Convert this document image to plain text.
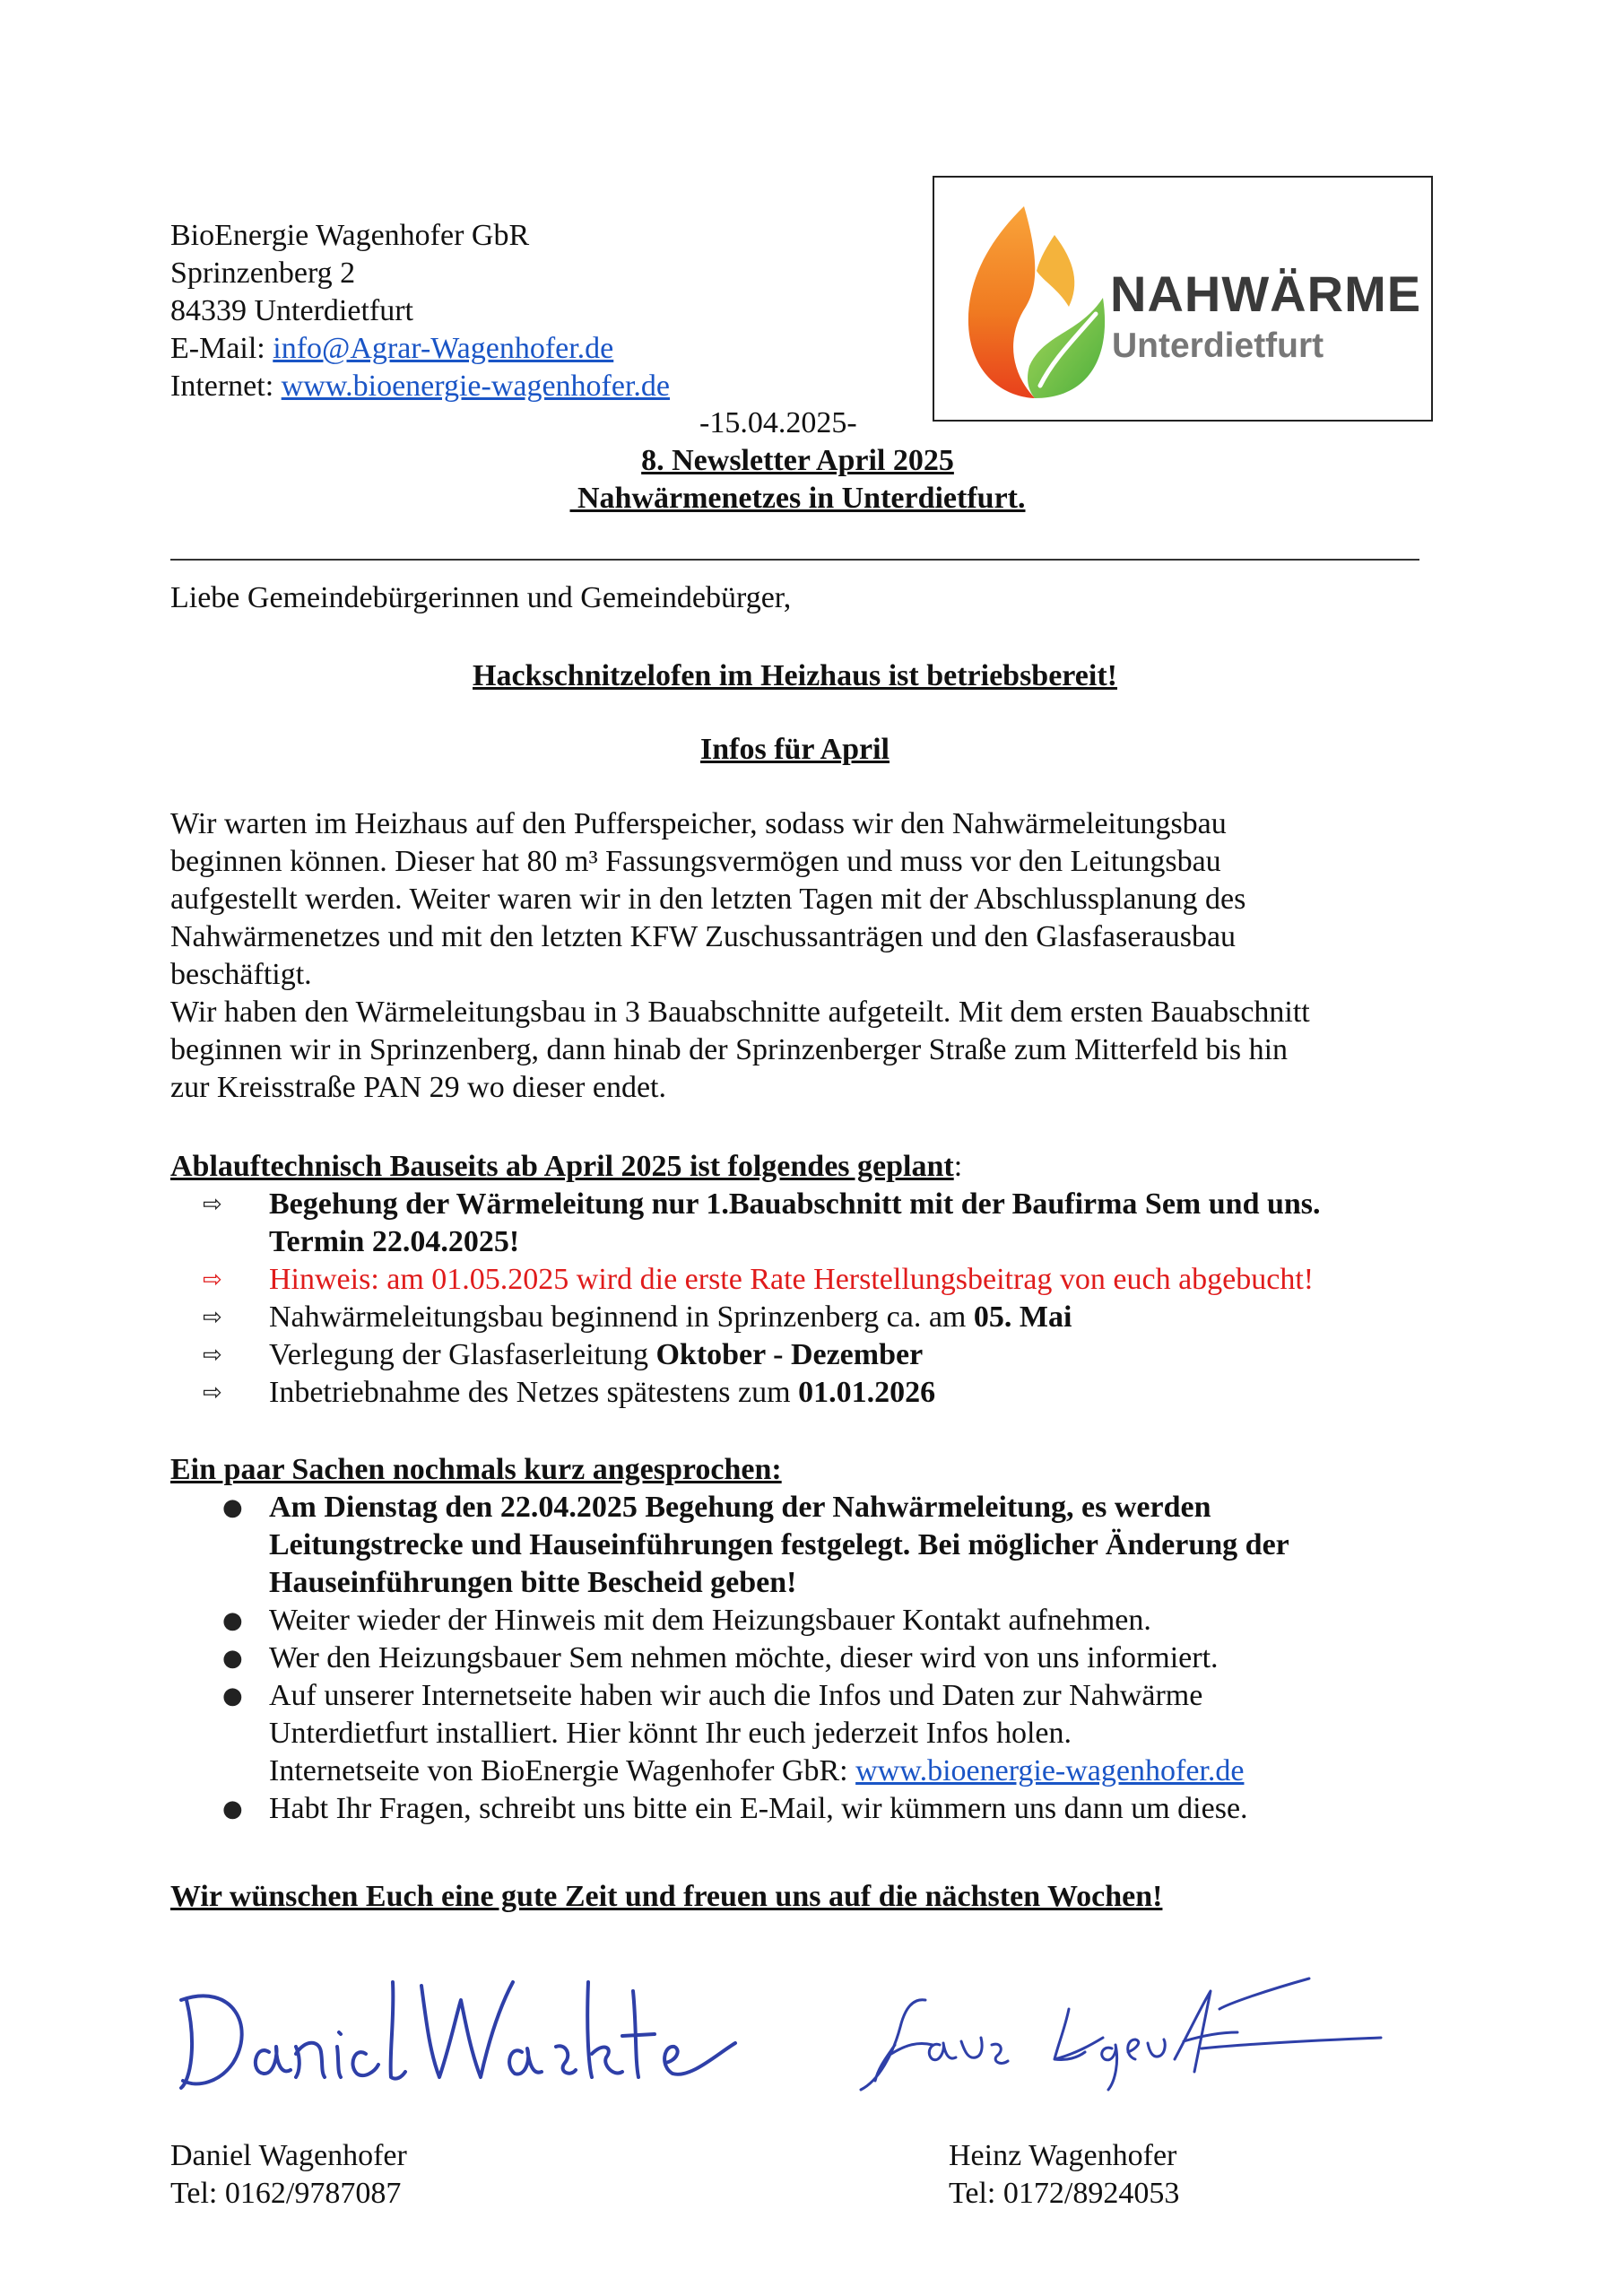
BioEnergie Wagenhofer GbR
Sprinzenberg 2
84339 Unterdietfurt
E-Mail: info@Agrar-Wagenhofer.de
Internet: www.bioenergie-wagenhofer.de
NAHWÄRME
Unterdietfurt
-15.04.2025-
8. Newsletter April 2025
Nahwärmenetzes in Unterdietfurt.
Liebe Gemeindebürgerinnen und Gemeindebürger,
Hackschnitzelofen im Heizhaus ist betriebsbereit!
Infos für April
Wir warten im Heizhaus auf den Pufferspeicher, sodass wir den Nahwärmeleitungsbau
beginnen können. Dieser hat 80 m³ Fassungsvermögen und muss vor den Leitungsbau
aufgestellt werden. Weiter waren wir in den letzten Tagen mit der Abschlussplanung des
Nahwärmenetzes und mit den letzten KFW Zuschussanträgen und den Glasfaserausbau
beschäftigt.
Wir haben den Wärmeleitungsbau in 3 Bauabschnitte aufgeteilt. Mit dem ersten Bauabschnitt
beginnen wir in Sprinzenberg, dann hinab der Sprinzenberger Straße zum Mitterfeld bis hin
zur Kreisstraße PAN 29 wo dieser endet.
Ablauftechnisch Bauseits ab April 2025 ist folgendes geplant:
⇨	Begehung der Wärmeleitung nur 1.Bauabschnitt mit der Baufirma Sem und uns.
Termin 22.04.2025!
⇨	Hinweis: am 01.05.2025 wird die erste Rate Herstellungsbeitrag von euch abgebucht!
⇨	Nahwärmeleitungsbau beginnend in Sprinzenberg ca. am 05. Mai
⇨	Verlegung der Glasfaserleitung Oktober - Dezember
⇨	Inbetriebnahme des Netzes spätestens zum 01.01.2026
Ein paar Sachen nochmals kurz angesprochen:
● Am Dienstag den 22.04.2025 Begehung der Nahwärmeleitung, es werden
Leitungstrecke und Hauseinführungen festgelegt. Bei möglicher Änderung der
Hauseinführungen bitte Bescheid geben!
● Weiter wieder der Hinweis mit dem Heizungsbauer Kontakt aufnehmen.
● Wer den Heizungsbauer Sem nehmen möchte, dieser wird von uns informiert.
● Auf unserer Internetseite haben wir auch die Infos und Daten zur Nahwärme
Unterdietfurt installiert. Hier könnt Ihr euch jederzeit Infos holen.
Internetseite von BioEnergie Wagenhofer GbR: www.bioenergie-wagenhofer.de
● Habt Ihr Fragen, schreibt uns bitte ein E-Mail, wir kümmern uns dann um diese.
Wir wünschen Euch eine gute Zeit und freuen uns auf die nächsten Wochen!
Daniel Wagenhofer
Tel: 0162/9787087
Heinz Wagenhofer
Tel: 0172/8924053
